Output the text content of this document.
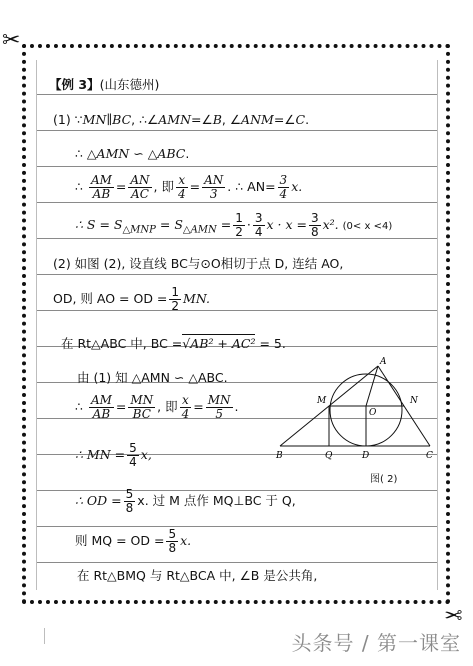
✂
✂
【例 3】(山东德州)
(1) ∵MN∥BC, ∴∠AMN=∠B, ∠ANM=∠C.
∴ △AMN ∽ △ABC.
∴ $\frac{AM}{AB} = \frac{AN}{AC}$ , 即 $\frac{x}{4} = \frac{AN}{3}$ . ∴ $AN= \frac{3}{4} x$.
∴ $S = S_{\triangle MNP} = S_{\triangle AMN} = \frac{1}{2} \cdot \frac{3}{4}$ $x \cdot x = \frac{3}{8} x^2$. (0< x <4)
(2) 如图 (2), 设直线 BC与⊙O相切于点 D, 连结 AO,
OD, 则 AO = OD = $\frac{1}{2}$ MN.
在 Rt△ABC 中, BC =√AB² + AC² = 5.
由 (1) 知 △AMN ∽ △ABC.
∴ $\frac{AM}{AB} = \frac{MN}{BC}$ , 即 $\frac{x}{4} = \frac{MN}{5}$ .
∴ MN = $\frac{5}{4} x$,
∴ OD = $\frac{5}{8} x$. 过 M 点作 MQ⊥BC 于 Q,
则 MQ = OD = $\frac{5}{8} x$.
在 Rt△BMQ 与 Rt△BCA 中, ∠B 是公共角,
A
M	N
O
B	Q	D	C
图( 2)
头条号 / 第一课室
